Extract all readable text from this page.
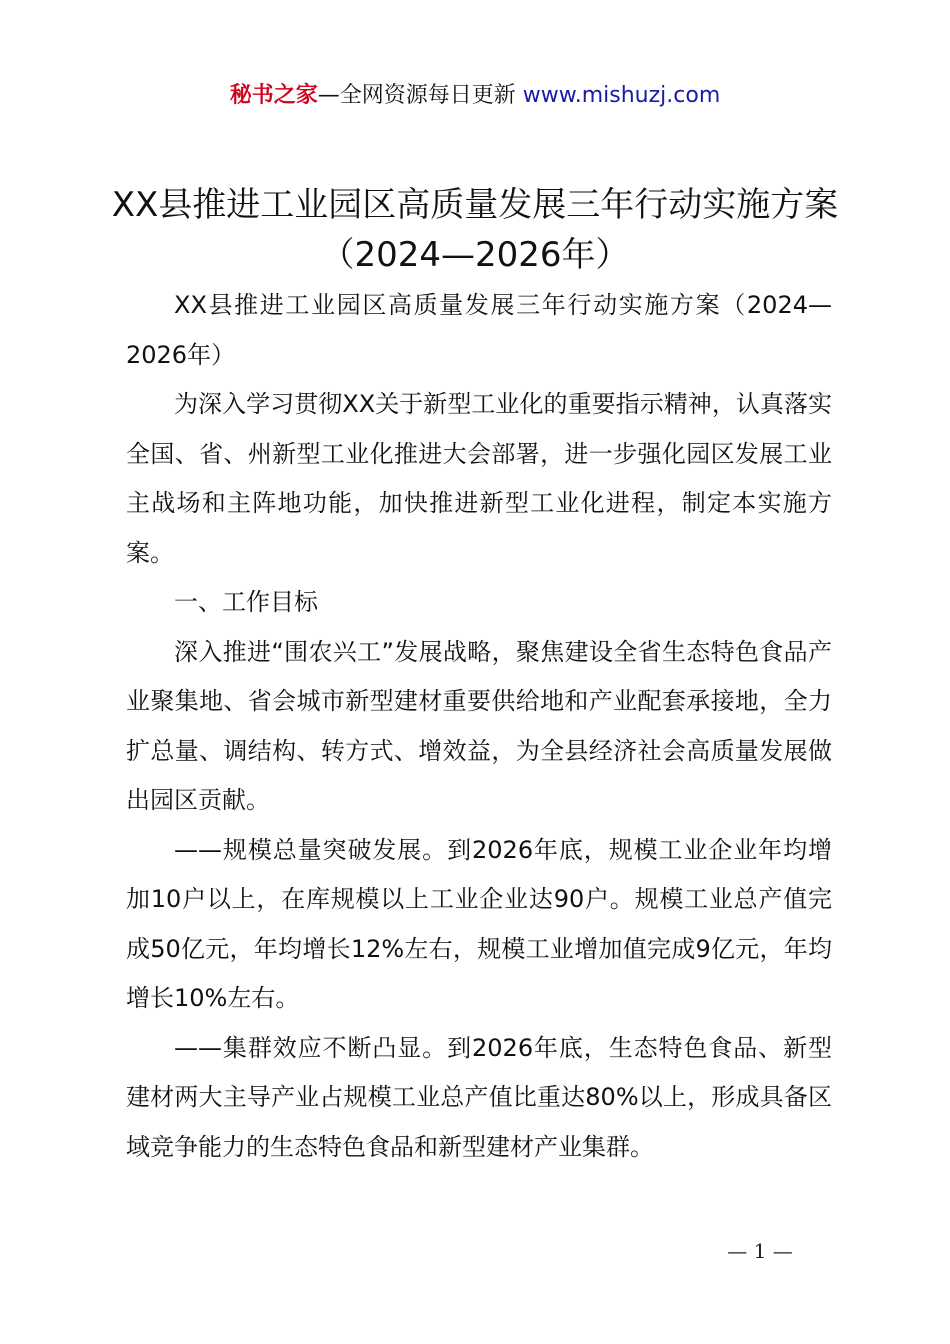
秘书之家—全网资源每日更新 www.mishuzj.com
XX县推进工业园区高质量发展三年行动实施方案（2024—2026年）

XX县推进工业园区高质量发展三年行动实施方案（2024—2026年）

为深入学习贯彻XX关于新型工业化的重要指示精神，认真落实全国、省、州新型工业化推进大会部署，进一步强化园区发展工业主战场和主阵地功能，加快推进新型工业化进程，制定本实施方案。

一、工作目标

深入推进“围农兴工”发展战略，聚焦建设全省生态特色食品产业聚集地、省会城市新型建材重要供给地和产业配套承接地，全力扩总量、调结构、转方式、增效益，为全县经济社会高质量发展做出园区贡献。

——规模总量突破发展。到2026年底，规模工业企业年均增加10户以上，在库规模以上工业企业达90户。规模工业总产值完成50亿元，年均增长12%左右，规模工业增加值完成9亿元，年均增长10%左右。

——集群效应不断凸显。到2026年底，生态特色食品、新型建材两大主导产业占规模工业总产值比重达80%以上，形成具备区域竞争能力的生态特色食品和新型建材产业集群。

— 1 —
